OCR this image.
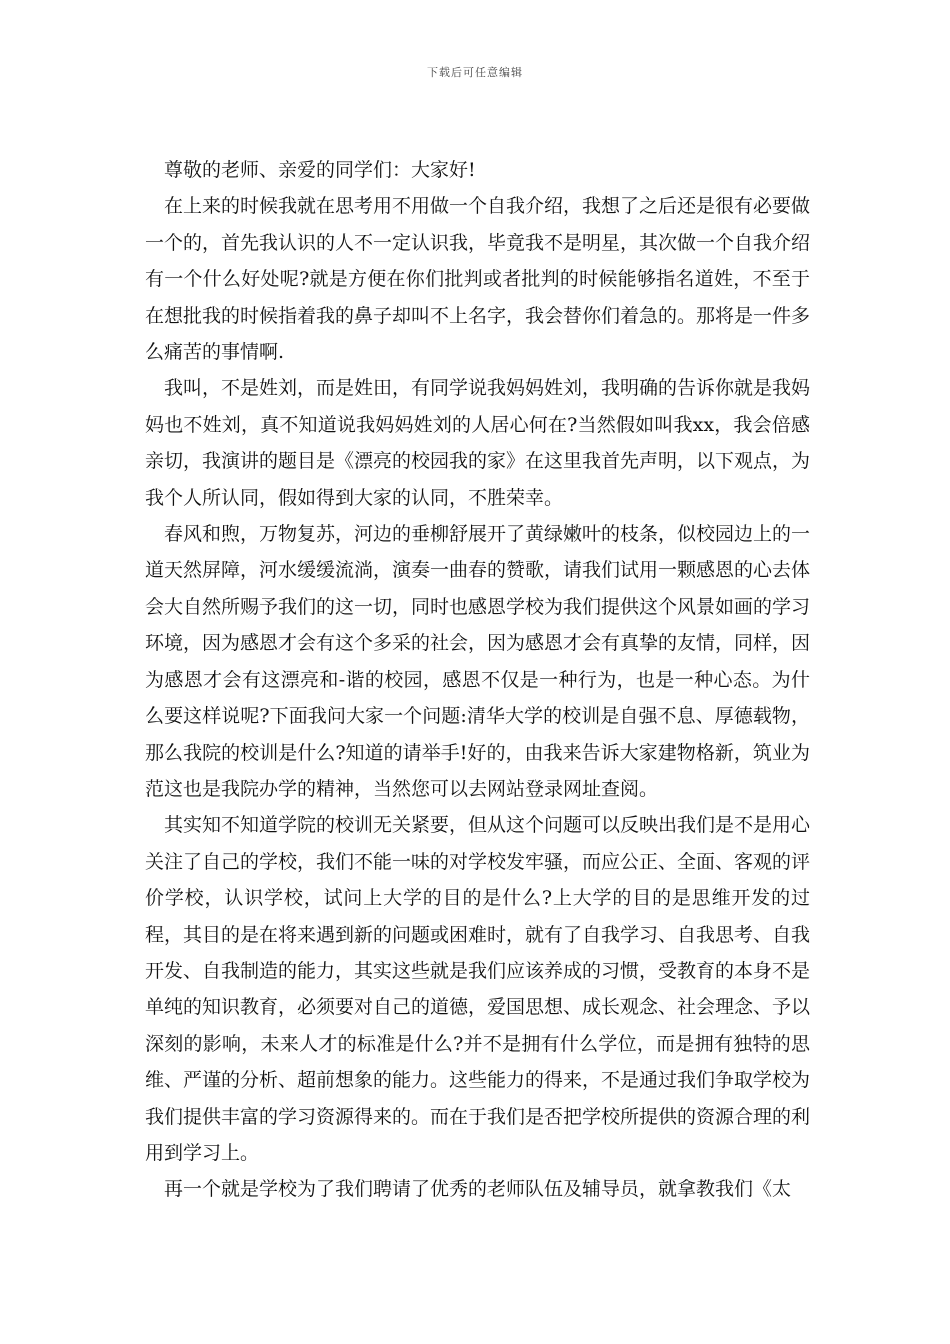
下载后可任意编辑

尊敬的老师、亲爱的同学们：大家好!

在上来的时候我就在思考用不用做一个自我介绍，我想了之后还是很有必要做一个的，首先我认识的人不一定认识我，毕竟我不是明星，其次做一个自我介绍有一个什么好处呢?就是方便在你们批判或者批判的时候能够指名道姓，不至于在想批我的时候指着我的鼻子却叫不上名字，我会替你们着急的。那将是一件多么痛苦的事情啊.

我叫，不是姓刘，而是姓田，有同学说我妈妈姓刘，我明确的告诉你就是我妈妈也不姓刘，真不知道说我妈妈姓刘的人居心何在?当然假如叫我xx，我会倍感亲切，我演讲的题目是《漂亮的校园我的家》在这里我首先声明，以下观点，为我个人所认同，假如得到大家的认同，不胜荣幸。

春风和煦，万物复苏，河边的垂柳舒展开了黄绿嫩叶的枝条，似校园边上的一道天然屏障，河水缓缓流淌，演奏一曲春的赞歌，请我们试用一颗感恩的心去体会大自然所赐予我们的这一切，同时也感恩学校为我们提供这个风景如画的学习环境，因为感恩才会有这个多采的社会，因为感恩才会有真挚的友情，同样，因为感恩才会有这漂亮和-谐的校园，感恩不仅是一种行为，也是一种心态。为什么要这样说呢?下面我问大家一个问题:清华大学的校训是自强不息、厚德载物，那么我院的校训是什么?知道的请举手!好的，由我来告诉大家建物格新，筑业为范这也是我院办学的精神，当然您可以去网站登录网址查阅。

其实知不知道学院的校训无关紧要，但从这个问题可以反映出我们是不是用心关注了自己的学校，我们不能一味的对学校发牢骚，而应公正、全面、客观的评价学校，认识学校，试问上大学的目的是什么?上大学的目的是思维开发的过程，其目的是在将来遇到新的问题或困难时，就有了自我学习、自我思考、自我开发、自我制造的能力，其实这些就是我们应该养成的习惯，受教育的本身不是单纯的知识教育，必须要对自己的道德，爱国思想、成长观念、社会理念、予以深刻的影响，未来人才的标准是什么?并不是拥有什么学位，而是拥有独特的思维、严谨的分析、超前想象的能力。这些能力的得来，不是通过我们争取学校为我们提供丰富的学习资源得来的。而在于我们是否把学校所提供的资源合理的利用到学习上。

再一个就是学校为了我们聘请了优秀的老师队伍及辅导员，就拿教我们《太
